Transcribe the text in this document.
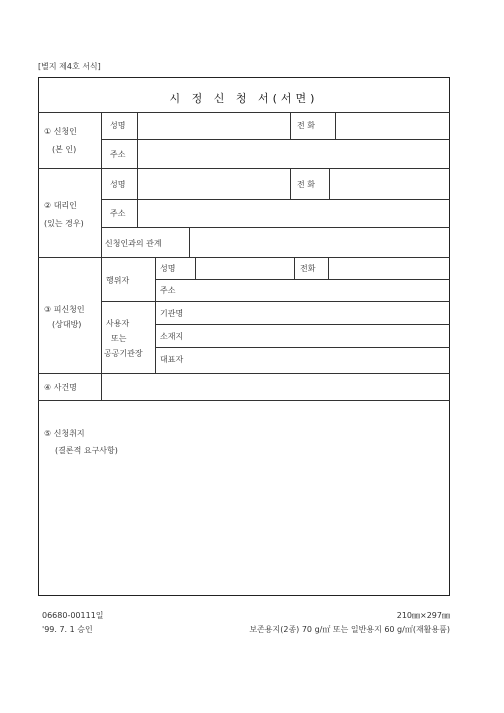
[별지 제4호 서식]
시 정 신 청 서(서면)
① 신청인
(본 인)
성명	전 화
주소
② 대리인
(있는 경우)
성명	전 화
주소
신청인과의 관계
③ 피신청인
(상대방)
행위자
성명	전화
주소
사용자
또는
공공기관장
기관명
소재지
대표자
④ 사건명
⑤ 신청취지
(결론적 요구사항)
06680-00111일	210㎜×297㎜
'99. 7. 1 승인	보존용지(2종) 70 g/㎡ 또는 일반용지 60 g/㎡(재활용품)
